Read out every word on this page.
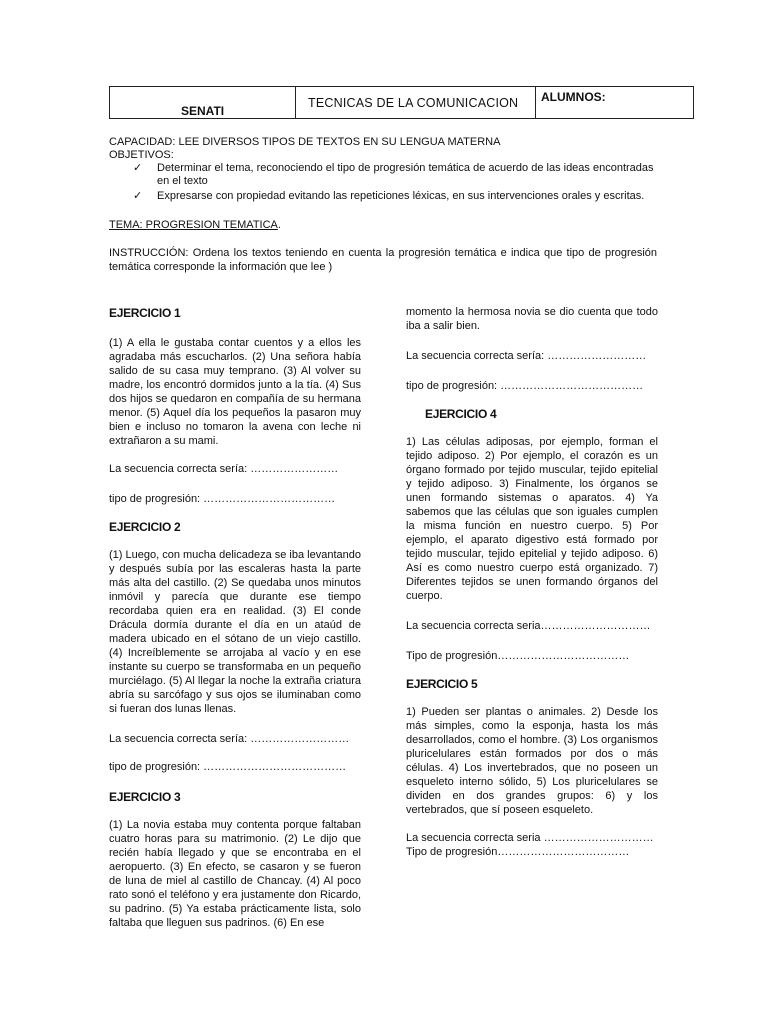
SENATI
TECNICAS DE LA COMUNICACION ALUMNOS:
CAPACIDAD: LEE DIVERSOS TIPOS DE TEXTOS EN SU LENGUA MATERNA
OBJETIVOS:
✓	Determinar el tema, reconociendo el tipo de progresión temática de acuerdo de las ideas encontradas en el texto
✓	Expresarse con propiedad evitando las repeticiones léxicas, en sus intervenciones orales y escritas.
TEMA: PROGRESION TEMATICA.
INSTRUCCIÓN: Ordena los textos teniendo en cuenta la progresión temática e indica que tipo de progresión temática corresponde la información que lee )
EJERCICIO 1
(1) A ella le gustaba contar cuentos y a ellos les agradaba más escucharlos. (2) Una señora había salido de su casa muy temprano. (3) Al volver su madre, los encontró dormidos junto a la tía. (4) Sus dos hijos se quedaron en compañía de su hermana menor. (5) Aquel día los pequeños la pasaron muy bien e incluso no tomaron la avena con leche ni extrañaron a su mami.
La secuencia correcta sería: ……………………
tipo de progresión: ………………………………
EJERCICIO 2
(1) Luego, con mucha delicadeza se iba levantando y después subía por las escaleras hasta la parte más alta del castillo. (2) Se quedaba unos minutos inmóvil y parecía que durante ese tiempo recordaba quien era en realidad. (3) El conde Drácula dormía durante el día en un ataúd de madera ubicado en el sótano de un viejo castillo. (4) Increíblemente se arrojaba al vacío y en ese instante su cuerpo se transformaba en un pequeño murciélago. (5) Al llegar la noche la extraña criatura abría su sarcófago y sus ojos se iluminaban como si fueran dos lunas llenas.
La secuencia correcta sería: ………………………
tipo de progresión: …………………………………
EJERCICIO 3
(1) La novia estaba muy contenta porque faltaban cuatro horas para su matrimonio. (2) Le dijo que recién había llegado y que se encontraba en el aeropuerto. (3) En efecto, se casaron y se fueron de luna de miel al castillo de Chancay. (4) Al poco rato sonó el teléfono y era justamente don Ricardo, su padrino. (5) Ya estaba prácticamente lista, solo faltaba que lleguen sus padrinos. (6) En ese
momento la hermosa novia se dio cuenta que todo iba a salir bien.
La secuencia correcta sería: ………………………
tipo de progresión: …………………………………
EJERCICIO 4
1) Las células adiposas, por ejemplo, forman el tejido adiposo. 2) Por ejemplo, el corazón es un órgano formado por tejido muscular, tejido epitelial y tejido adiposo. 3) Finalmente, los órganos se unen formando sistemas o aparatos. 4) Ya sabemos que las células que son iguales cumplen la misma función en nuestro cuerpo. 5) Por ejemplo, el aparato digestivo está formado por tejido muscular, tejido epitelial y tejido adiposo. 6) Así es como nuestro cuerpo está organizado. 7) Diferentes tejidos se unen formando órganos del cuerpo.
La secuencia correcta seria…………………………
Tipo de progresión………………………………
EJERCICIO 5
1) Pueden ser plantas o animales. 2) Desde los más simples, como la esponja, hasta los más desarrollados, como el hombre. (3) Los organismos pluricelulares están formados por dos o más células. 4) Los invertebrados, que no poseen un esqueleto interno sólido, 5) Los pluricelulares se dividen en dos grandes grupos: 6) y los vertebrados, que sí poseen esqueleto.
La secuencia correcta seria …………………………
Tipo de progresión………………………………
